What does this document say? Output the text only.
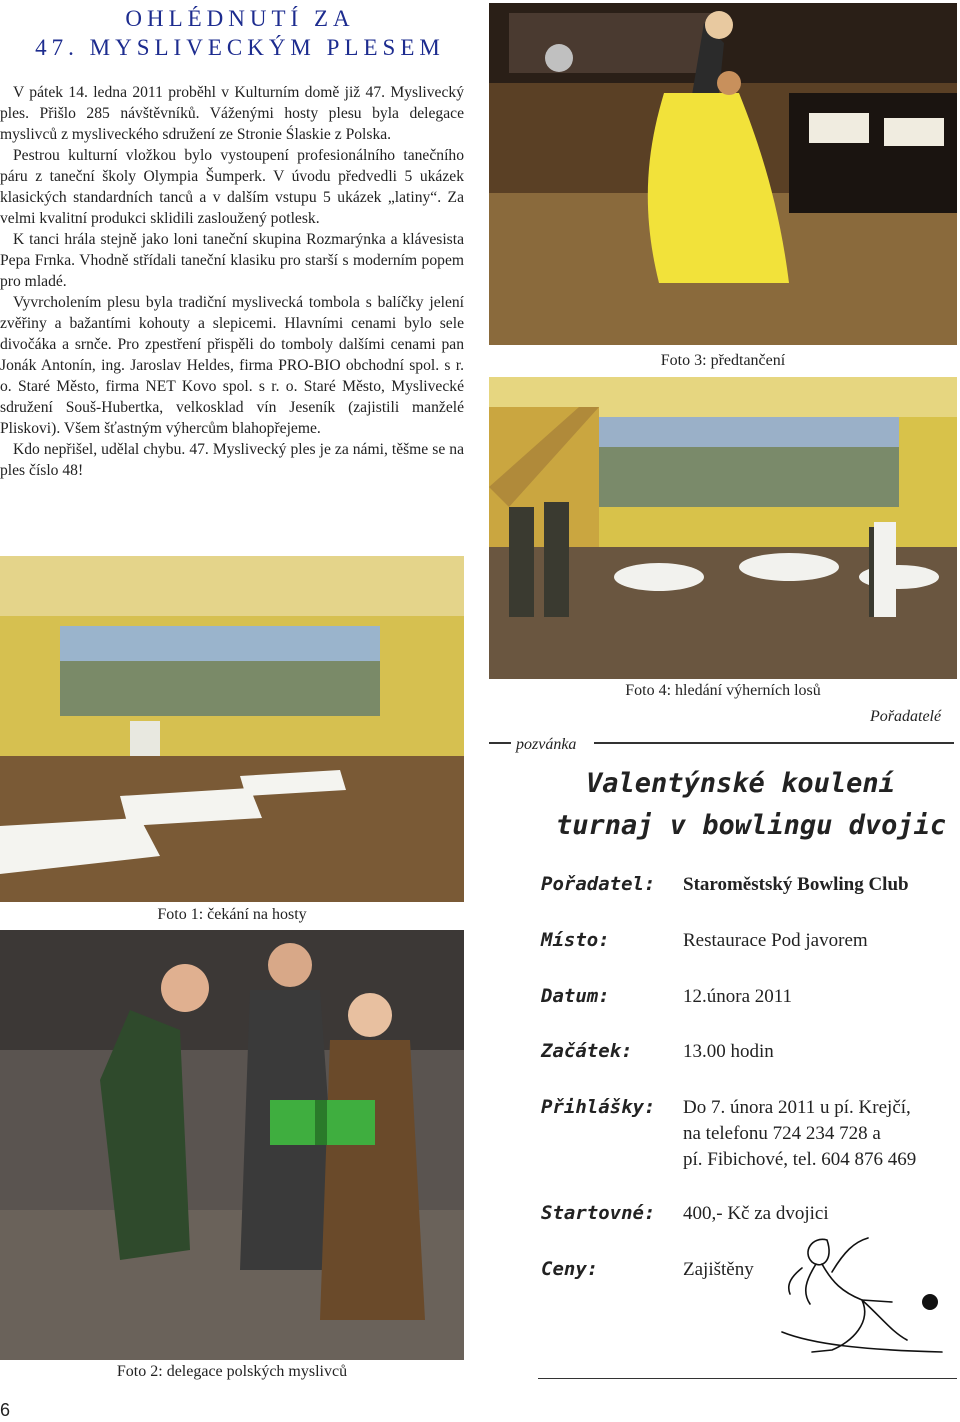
OHLÉDNUTÍ ZA
47. MYSLIVECKÝM PLESEM

V pátek 14. ledna 2011 proběhl v Kulturním domě již 47. Myslivecký ples. Přišlo 285 návštěvníků. Váženými hosty plesu byla delegace myslivců z mysliveckého sdružení ze Stronie Ślaskie z Polska.

Pestrou kulturní vložkou bylo vystoupení profesionálního tanečního páru z taneční školy Olympia Šumperk. V úvodu předvedli 5 ukázek klasických standardních tanců a v dalším vstupu 5 ukázek „latiny“. Za velmi kvalitní produkci sklidili zasloužený potlesk.

K tanci hrála stejně jako loni taneční skupina Rozmarýnka a klávesista Pepa Frnka. Vhodně střídali taneční klasiku pro starší s moderním popem pro mladé.

Vyvrcholením plesu byla tradiční myslivecká tombola s balíčky jelení zvěřiny a bažantími kohouty a slepicemi. Hlavními cenami bylo sele divočáka a srnče. Pro zpestření přispěli do tomboly dalšími cenami pan Jonák Antonín, ing. Jaroslav Heldes, firma PRO-BIO obchodní spol. s r. o. Staré Město, firma NET Kovo spol. s r. o. Staré Město, Myslivecké sdružení Souš-Hubertka, velkosklad vín Jeseník (zajistili manželé Pliskovi). Všem šťastným výhercům blahopřejeme.

Kdo nepřišel, udělal chybu. 47. Myslivecký ples je za námi, těšme se na ples číslo 48!

Foto 3: předtančení
Foto 4: hledání výherních losů
Foto 1: čekání na hosty
Foto 2: delegace polských myslivců
6
Pořadatelé
pozvánka
Valentýnské koulení
turnaj v bowlingu dvojic
Pořadatel: Staroměstský Bowling Club
Místo:	Restaurace Pod javorem
Datum:	12.února 2011
Začátek:	13.00 hodin
Přihlášky: Do 7. února 2011 u pí. Krejčí,
na telefonu 724 234 728 a
pí. Fibichové, tel. 604 876 469
Startovné: 400,- Kč za dvojici
Ceny:	Zajištěny
